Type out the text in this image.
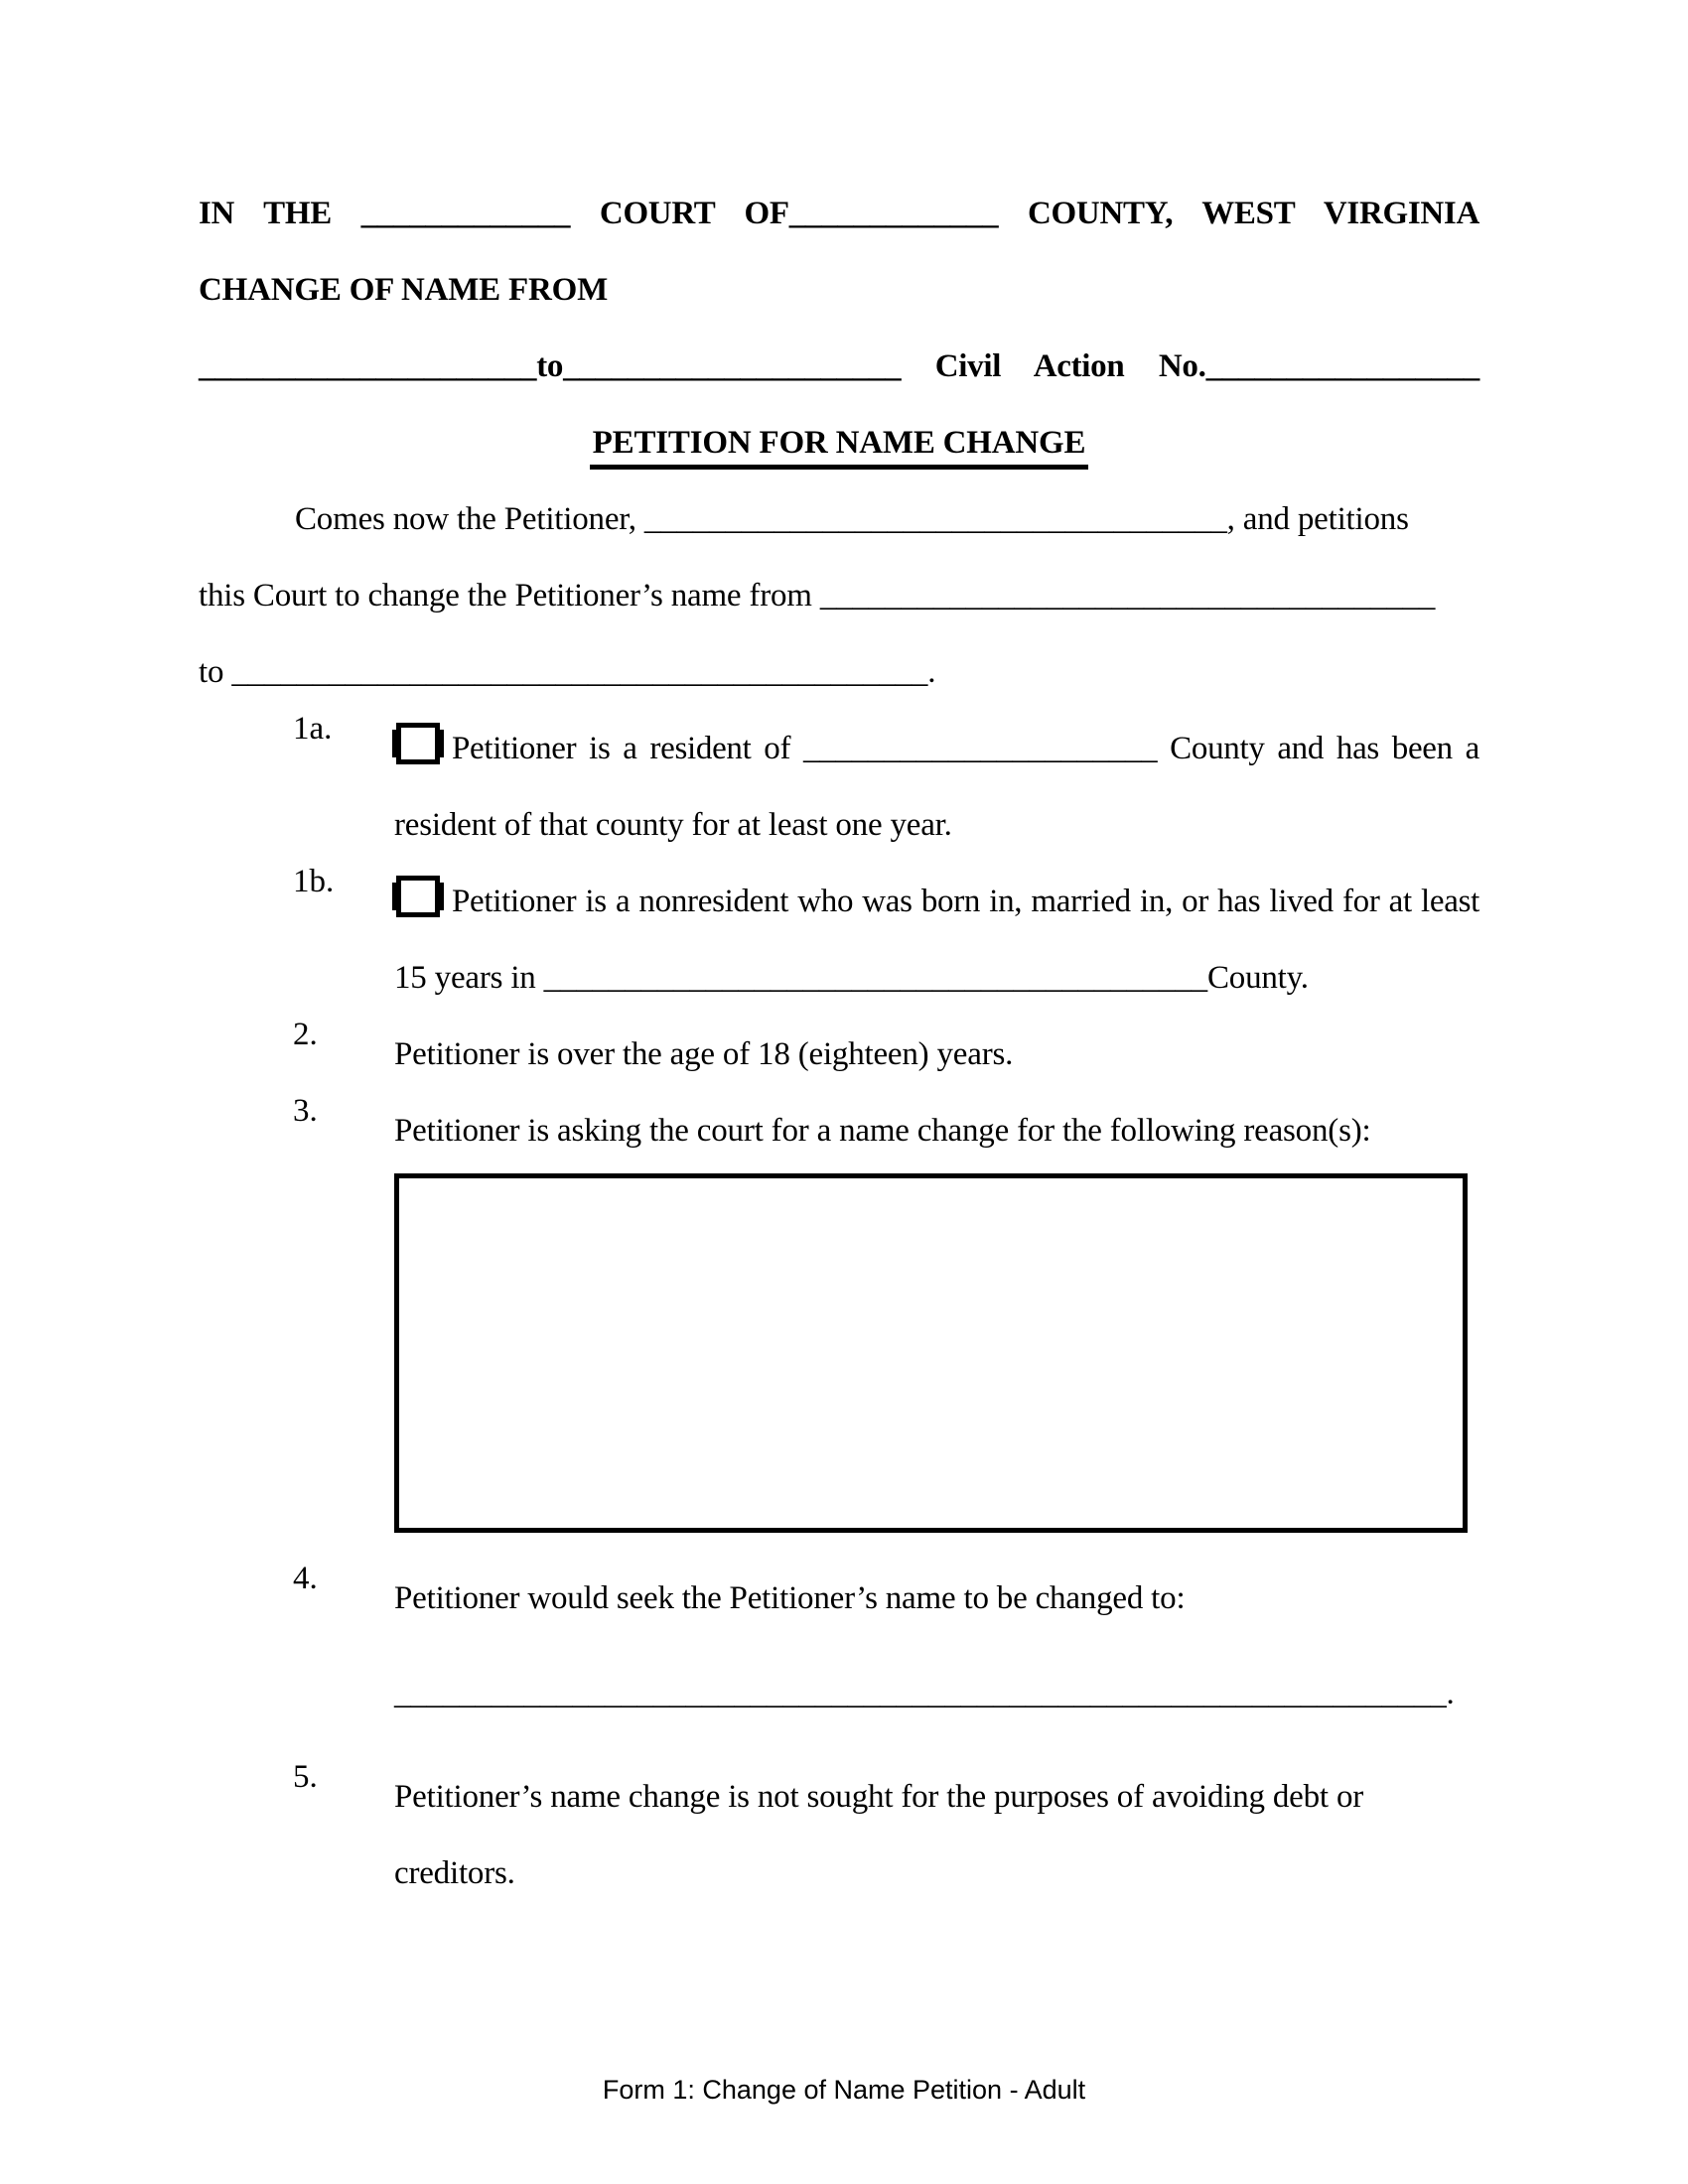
IN THE _____________ COURT OF_____________ COUNTY, WEST VIRGINIA
CHANGE OF NAME FROM
_____________________to_____________________ Civil Action No._________________
PETITION FOR NAME CHANGE
Comes now the Petitioner, ____________________________________, and petitions
this Court to change the Petitioner’s name from ______________________________________
to ___________________________________________.
1a.
Petitioner is a resident of ______________________ County and has been a
resident of that county for at least one year.
1b.
Petitioner is a nonresident who was born in, married in, or has lived for at least
15 years in _________________________________________County.
2.
Petitioner is over the age of 18 (eighteen) years.
3.
Petitioner is asking the court for a name change for the following reason(s):
4.
Petitioner would seek the Petitioner’s name to be changed to:
_________________________________________________________________.
5.
Petitioner’s name change is not sought for the purposes of avoiding debt or
creditors.
Form 1: Change of Name Petition - Adult
